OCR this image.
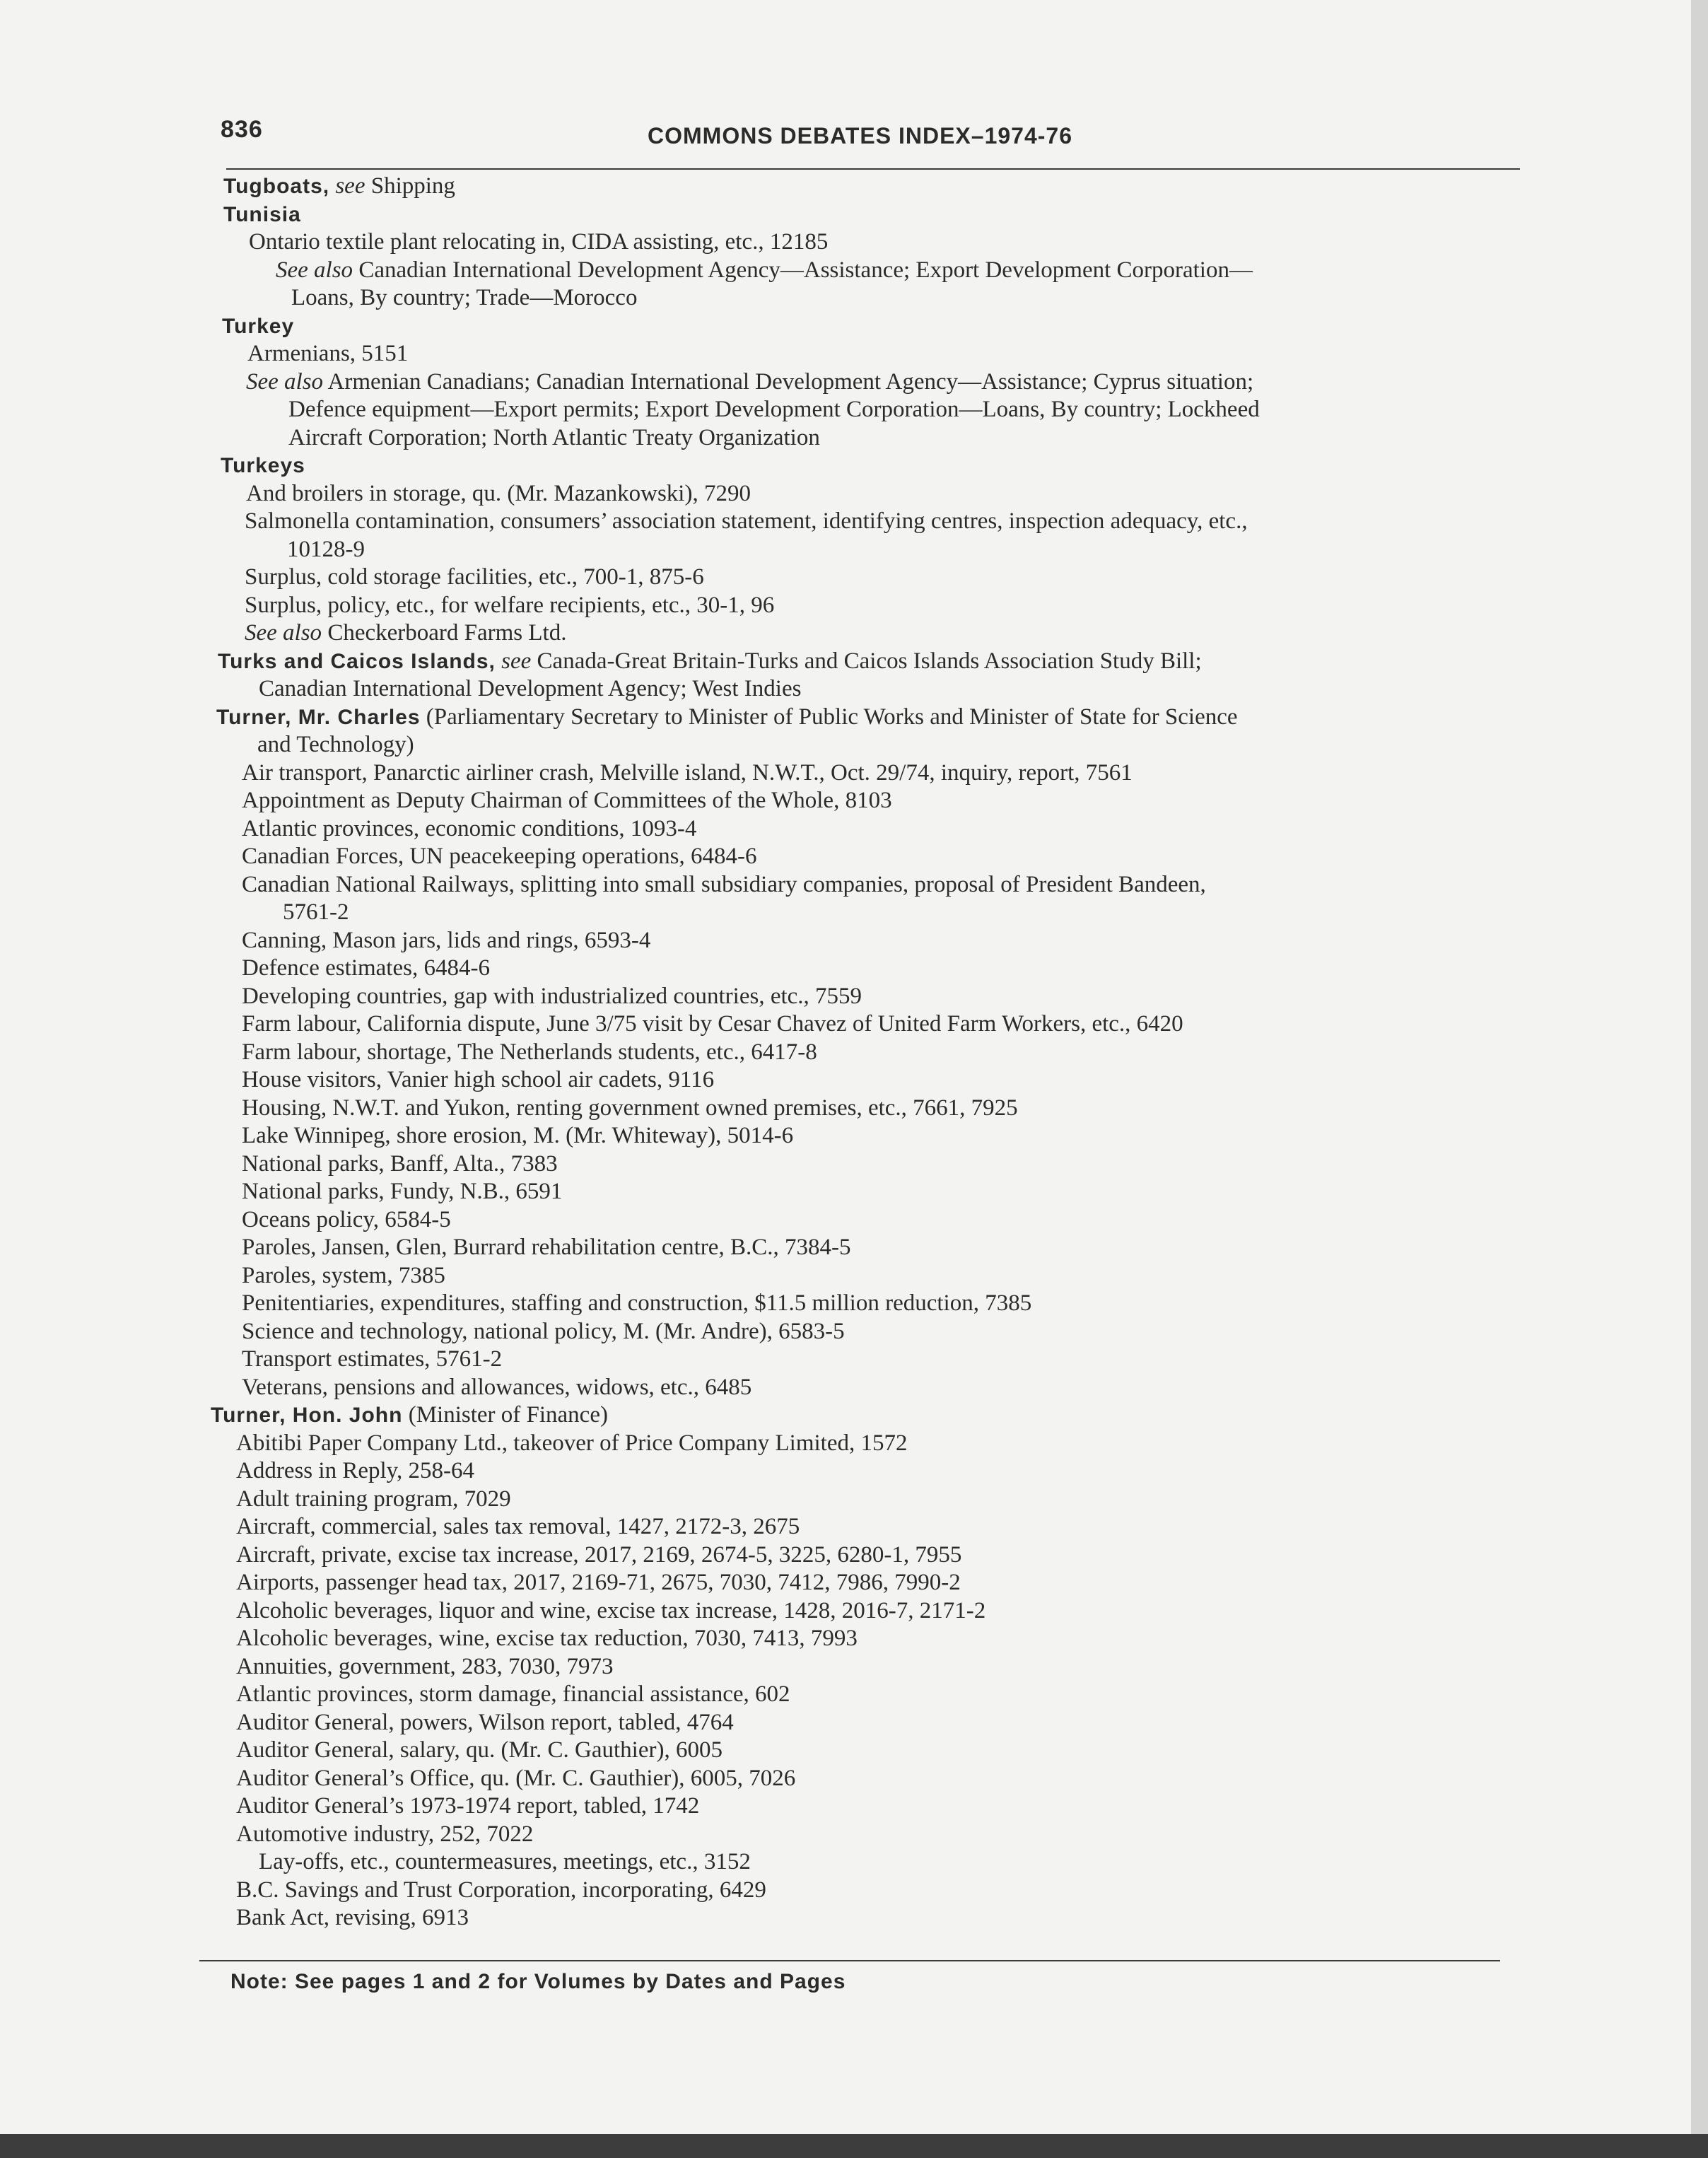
836	COMMONS DEBATES INDEX–1974-76
Tugboats, see Shipping
Tunisia
Ontario textile plant relocating in, CIDA assisting, etc., 12185
See also Canadian International Development Agency—Assistance; Export Development Corporation—
Loans, By country; Trade—Morocco
Turkey
Armenians, 5151
See also Armenian Canadians; Canadian International Development Agency—Assistance; Cyprus situation;
Defence equipment—Export permits; Export Development Corporation—Loans, By country; Lockheed
Aircraft Corporation; North Atlantic Treaty Organization
Turkeys
And broilers in storage, qu. (Mr. Mazankowski), 7290
Salmonella contamination, consumers’ association statement, identifying centres, inspection adequacy, etc.,
10128-9
Surplus, cold storage facilities, etc., 700-1, 875-6
Surplus, policy, etc., for welfare recipients, etc., 30-1, 96
See also Checkerboard Farms Ltd.
Turks and Caicos Islands, see Canada-Great Britain-Turks and Caicos Islands Association Study Bill;
Canadian International Development Agency; West Indies
Turner, Mr. Charles (Parliamentary Secretary to Minister of Public Works and Minister of State for Science
and Technology)
Air transport, Panarctic airliner crash, Melville island, N.W.T., Oct. 29/74, inquiry, report, 7561
Appointment as Deputy Chairman of Committees of the Whole, 8103
Atlantic provinces, economic conditions, 1093-4
Canadian Forces, UN peacekeeping operations, 6484-6
Canadian National Railways, splitting into small subsidiary companies, proposal of President Bandeen,
5761-2
Canning, Mason jars, lids and rings, 6593-4
Defence estimates, 6484-6
Developing countries, gap with industrialized countries, etc., 7559
Farm labour, California dispute, June 3/75 visit by Cesar Chavez of United Farm Workers, etc., 6420
Farm labour, shortage, The Netherlands students, etc., 6417-8
House visitors, Vanier high school air cadets, 9116
Housing, N.W.T. and Yukon, renting government owned premises, etc., 7661, 7925
Lake Winnipeg, shore erosion, M. (Mr. Whiteway), 5014-6
National parks, Banff, Alta., 7383
National parks, Fundy, N.B., 6591
Oceans policy, 6584-5
Paroles, Jansen, Glen, Burrard rehabilitation centre, B.C., 7384-5
Paroles, system, 7385
Penitentiaries, expenditures, staffing and construction, $11.5 million reduction, 7385
Science and technology, national policy, M. (Mr. Andre), 6583-5
Transport estimates, 5761-2
Veterans, pensions and allowances, widows, etc., 6485
Turner, Hon. John (Minister of Finance)
Abitibi Paper Company Ltd., takeover of Price Company Limited, 1572
Address in Reply, 258-64
Adult training program, 7029
Aircraft, commercial, sales tax removal, 1427, 2172-3, 2675
Aircraft, private, excise tax increase, 2017, 2169, 2674-5, 3225, 6280-1, 7955
Airports, passenger head tax, 2017, 2169-71, 2675, 7030, 7412, 7986, 7990-2
Alcoholic beverages, liquor and wine, excise tax increase, 1428, 2016-7, 2171-2
Alcoholic beverages, wine, excise tax reduction, 7030, 7413, 7993
Annuities, government, 283, 7030, 7973
Atlantic provinces, storm damage, financial assistance, 602
Auditor General, powers, Wilson report, tabled, 4764
Auditor General, salary, qu. (Mr. C. Gauthier), 6005
Auditor General’s Office, qu. (Mr. C. Gauthier), 6005, 7026
Auditor General’s 1973-1974 report, tabled, 1742
Automotive industry, 252, 7022
Lay-offs, etc., countermeasures, meetings, etc., 3152
B.C. Savings and Trust Corporation, incorporating, 6429
Bank Act, revising, 6913
Note: See pages 1 and 2 for Volumes by Dates and Pages
